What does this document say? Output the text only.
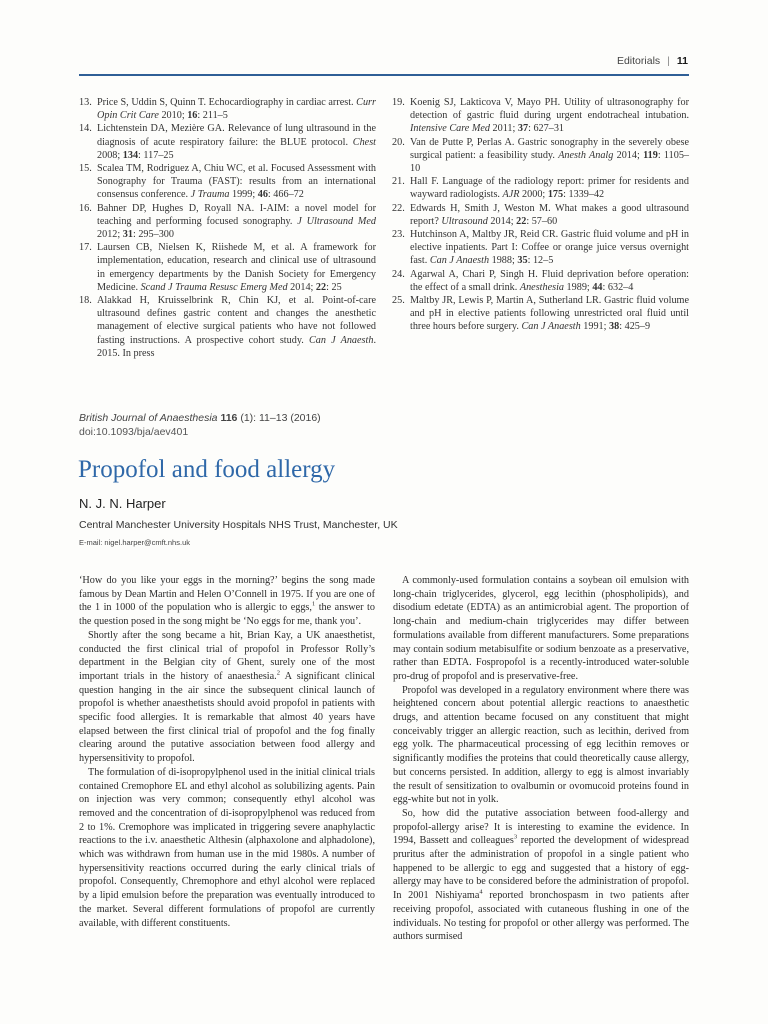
Editorials | 11
13. Price S, Uddin S, Quinn T. Echocardiography in cardiac arrest. Curr Opin Crit Care 2010; 16: 211–5
14. Lichtenstein DA, Mezière GA. Relevance of lung ultrasound in the diagnosis of acute respiratory failure: the BLUE protocol. Chest 2008; 134: 117–25
15. Scalea TM, Rodriguez A, Chiu WC, et al. Focused Assessment with Sonography for Trauma (FAST): results from an international consensus conference. J Trauma 1999; 46: 466–72
16. Bahner DP, Hughes D, Royall NA. I-AIM: a novel model for teaching and performing focused sonography. J Ultrasound Med 2012; 31: 295–300
17. Laursen CB, Nielsen K, Riishede M, et al. A framework for implementation, education, research and clinical use of ultrasound in emergency departments by the Danish Society for Emergency Medicine. Scand J Trauma Resusc Emerg Med 2014; 22: 25
18. Alakkad H, Kruisselbrink R, Chin KJ, et al. Point-of-care ultrasound defines gastric content and changes the anesthetic management of elective surgical patients who have not followed fasting instructions. A prospective cohort study. Can J Anaesth. 2015. In press
19. Koenig SJ, Lakticova V, Mayo PH. Utility of ultrasonography for detection of gastric fluid during urgent endotracheal intubation. Intensive Care Med 2011; 37: 627–31
20. Van de Putte P, Perlas A. Gastric sonography in the severely obese surgical patient: a feasibility study. Anesth Analg 2014; 119: 1105–10
21. Hall F. Language of the radiology report: primer for residents and wayward radiologists. AJR 2000; 175: 1339–42
22. Edwards H, Smith J, Weston M. What makes a good ultrasound report? Ultrasound 2014; 22: 57–60
23. Hutchinson A, Maltby JR, Reid CR. Gastric fluid volume and pH in elective inpatients. Part I: Coffee or orange juice versus overnight fast. Can J Anaesth 1988; 35: 12–5
24. Agarwal A, Chari P, Singh H. Fluid deprivation before operation: the effect of a small drink. Anesthesia 1989; 44: 632–4
25. Maltby JR, Lewis P, Martin A, Sutherland LR. Gastric fluid volume and pH in elective patients following unrestricted oral fluid until three hours before surgery. Can J Anaesth 1991; 38: 425–9
British Journal of Anaesthesia 116 (1): 11–13 (2016)
doi:10.1093/bja/aev401
Propofol and food allergy
N. J. N. Harper
Central Manchester University Hospitals NHS Trust, Manchester, UK
E-mail: nigel.harper@cmft.nhs.uk

‘How do you like your eggs in the morning?’ begins the song made famous by Dean Martin and Helen O’Connell in 1975. If you are one of the 1 in 1000 of the population who is allergic to eggs,$^1$ the answer to the question posed in the song might be ‘No eggs for me, thank you’.

Shortly after the song became a hit, Brian Kay, a UK anaesthetist, conducted the first clinical trial of propofol in Professor Rolly’s department in the Belgian city of Ghent, surely one of the most important trials in the history of anaesthesia.$^2$ A significant clinical question hanging in the air since the subsequent clinical launch of propofol is whether anaesthetists should avoid propofol in patients with specific food allergies. It is remarkable that almost 40 years have elapsed between the first clinical trial of propofol and the fog finally clearing around the putative association between food allergy and hypersensitivity to propofol.

The formulation of di-isopropylphenol used in the initial clinical trials contained Cremophore EL and ethyl alcohol as solubilizing agents. Pain on injection was very common; consequently ethyl alcohol was removed and the concentration of di-isopropylphenol was reduced from 2 to 1%. Cremophore was implicated in triggering severe anaphylactic reactions to the i.v. anaesthetic Althesin (alphaxolone and alphadolone), which was withdrawn from human use in the mid 1980s. A number of hypersensitivity reactions occurred during the early clinical trials of propofol. Consequently, Chremophore and ethyl alcohol were replaced by a lipid emulsion before the preparation was eventually introduced to the market. Several different formulations of propofol are currently available, with different constituents.

A commonly-used formulation contains a soybean oil emulsion with long-chain triglycerides, glycerol, egg lecithin (phospholipids), and disodium edetate (EDTA) as an antimicrobial agent. The proportion of long-chain and medium-chain triglycerides may differ between formulations available from different manufacturers. Some preparations may contain sodium metabisulfite or sodium benzoate as a preservative, rather than EDTA. Fospropofol is a recently-introduced water-soluble pro-drug of propofol and is preservative-free.

Propofol was developed in a regulatory environment where there was heightened concern about potential allergic reactions to anaesthetic drugs, and attention became focused on any constituent that might conceivably trigger an allergic reaction, such as lecithin, derived from egg yolk. The pharmaceutical processing of egg lecithin removes or significantly modifies the proteins that could theoretically cause allergy, but concerns persisted. In addition, allergy to egg is almost invariably the result of sensitization to ovalbumin or ovomucoid proteins found in egg-white but not in yolk.

So, how did the putative association between food-allergy and propofol-allergy arise? It is interesting to examine the evidence. In 1994, Bassett and colleagues$^3$ reported the development of widespread pruritus after the administration of propofol in a single patient who happened to be allergic to egg and suggested that a history of egg-allergy may have to be considered before the administration of propofol. In 2001 Nishiyama$^4$ reported bronchospasm in two patients after receiving propofol, associated with cutaneous flushing in one of the individuals. No testing for propofol or other allergy was performed. The authors surmised
